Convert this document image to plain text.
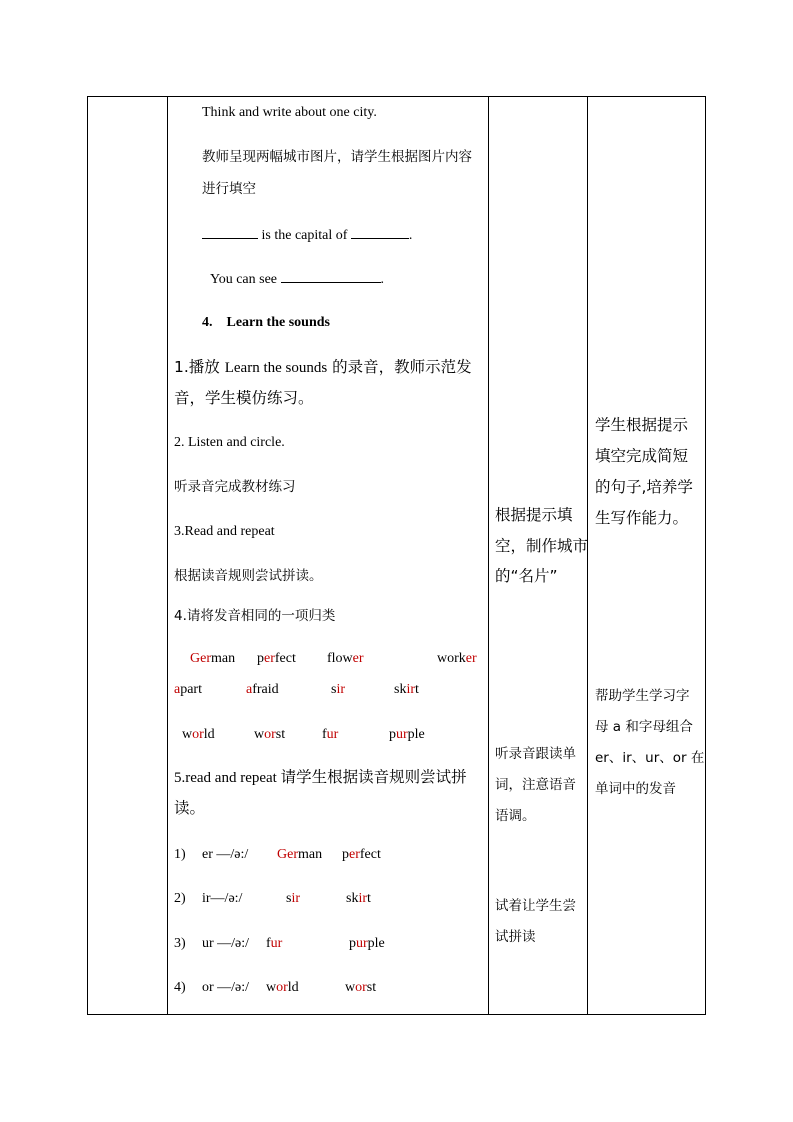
Think and write about one city.
教师呈现两幅城市图片，请学生根据图片内容
进行填空
is the capital of	.
You can see	.
4.    Learn the sounds
1.播放 Learn the sounds 的录音，教师示范发
音，学生模仿练习。
2. Listen and circle.
听录音完成教材练习
3.Read and repeat
根据读音规则尝试拼读。
4.请将发音相同的一项归类
German perfect flower	worker
apart	afraid	sir	skirt
world	worst	fur	purple
5.read and repeat 请学生根据读音规则尝试拼
读。
1) er —/ə:/ German perfect
2) ir—/ə:/	sir	skirt
3) ur —/ə:/ fur	purple
4) or —/ə:/ world	worst
根据提示填
空，制作城市
的“名片”
听录音跟读单
词，注意语音
语调。
试着让学生尝
试拼读
学生根据提示
填空完成简短
的句子,培养学
生写作能力。
帮助学生学习字
母 a 和字母组合
er、ir、ur、or 在
单词中的发音
